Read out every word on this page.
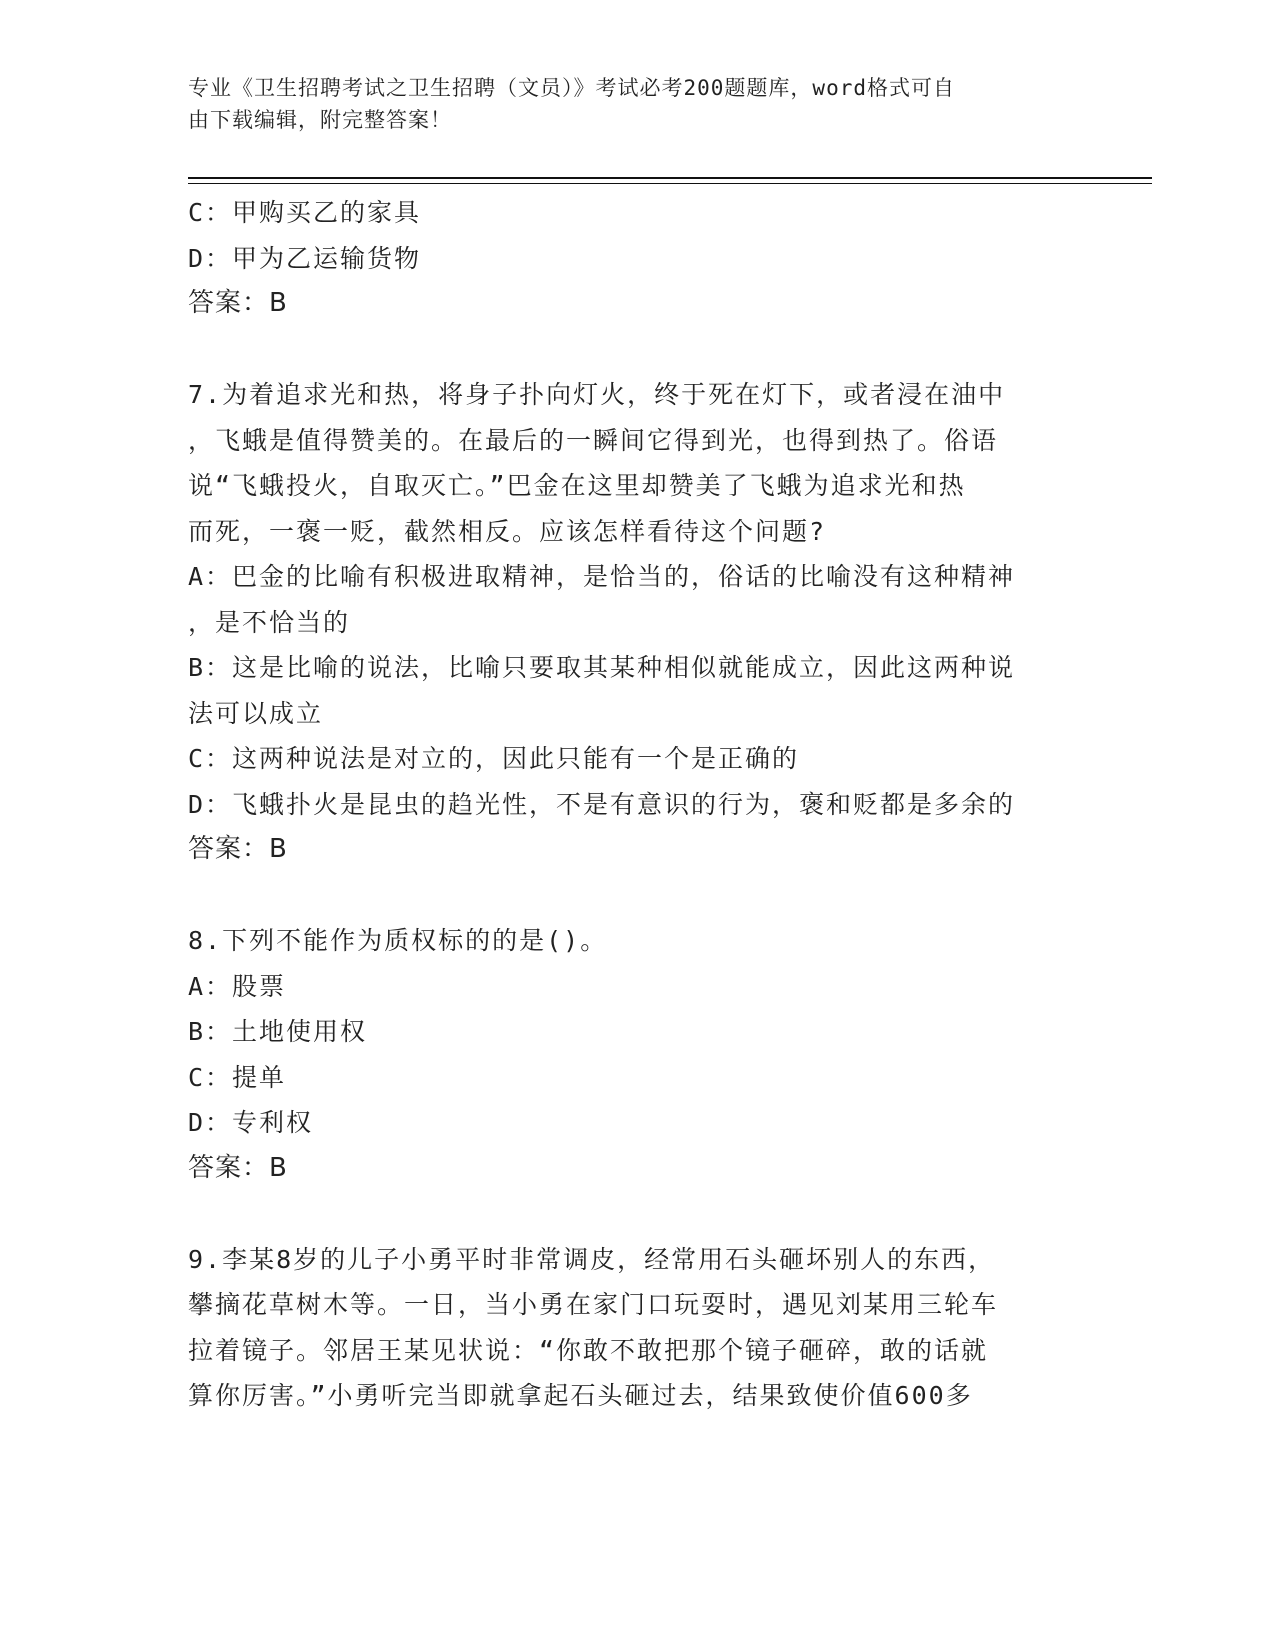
专业《卫生招聘考试之卫生招聘（文员）》考试必考200题题库，word格式可自
由下载编辑，附完整答案！
C：甲购买乙的家具
D：甲为乙运输货物
答案：B
7.为着追求光和热，将身子扑向灯火，终于死在灯下，或者浸在油中
，飞蛾是值得赞美的。在最后的一瞬间它得到光，也得到热了。俗语
说“飞蛾投火，自取灭亡。”巴金在这里却赞美了飞蛾为追求光和热
而死，一褒一贬，截然相反。应该怎样看待这个问题?
A：巴金的比喻有积极进取精神，是恰当的，俗话的比喻没有这种精神
，是不恰当的
B：这是比喻的说法，比喻只要取其某种相似就能成立，因此这两种说
法可以成立
C：这两种说法是对立的，因此只能有一个是正确的
D：飞蛾扑火是昆虫的趋光性，不是有意识的行为，褒和贬都是多余的
答案：B
8.下列不能作为质权标的的是()。
A：股票
B：土地使用权
C：提单
D：专利权
答案：B
9.李某8岁的儿子小勇平时非常调皮，经常用石头砸坏别人的东西，
攀摘花草树木等。一日，当小勇在家门口玩耍时，遇见刘某用三轮车
拉着镜子。邻居王某见状说：“你敢不敢把那个镜子砸碎，敢的话就
算你厉害。”小勇听完当即就拿起石头砸过去，结果致使价值600多
